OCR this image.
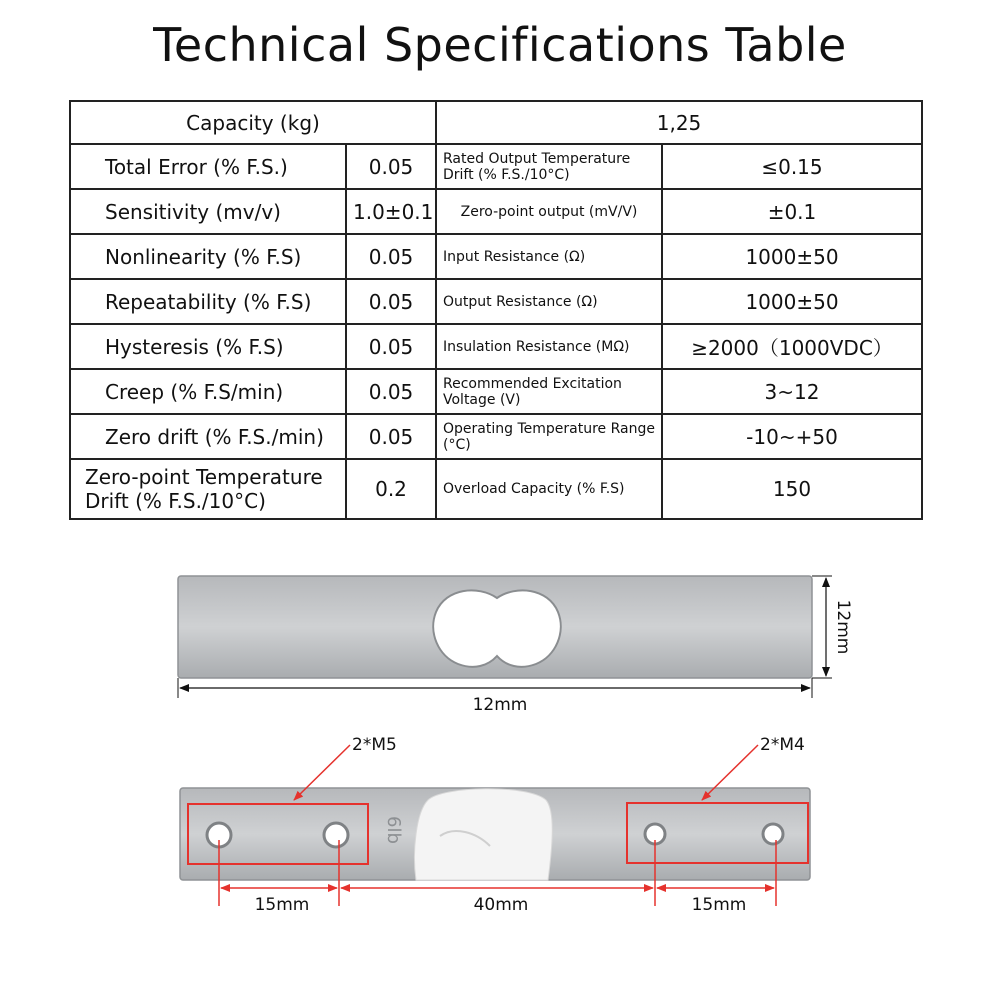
Technical Specifications Table
Capacity (kg)		1,25	
Total Error (% F.S.)	0.05	Rated Output Temperature Drift (% F.S./10°C)	≤0.15
Sensitivity (mv/v)	1.0±0.1	Zero-point output (mV/V)	±0.1
Nonlinearity (% F.S)	0.05	Input Resistance (Ω)	1000±50
Repeatability (% F.S)	0.05	Output Resistance (Ω)	1000±50
Hysteresis (% F.S)	0.05	Insulation Resistance (MΩ)	≥2000（1000VDC）
Creep (% F.S/min)	0.05	Recommended Excitation Voltage (V)	3~12
Zero drift (% F.S./min)	0.05	Operating Temperature Range (°C)	-10~+50
Zero-point Temperature Drift (% F.S./10°C)	0.2	Overload Capacity (% F.S)	150
12mm
12mm
6lb
2*M5	2*M4
15mm	40mm	15mm
